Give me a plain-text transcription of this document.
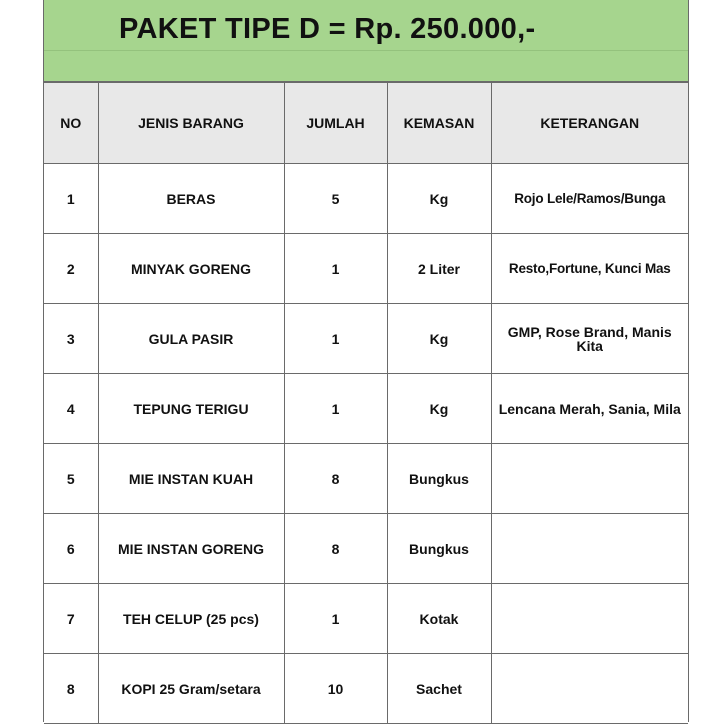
PAKET TIPE D = Rp. 250.000,-
NO	JENIS BARANG	JUMLAH	KEMASAN	KETERANGAN
1	BERAS	5	Kg	Rojo Lele/Ramos/Bunga
2	MINYAK GORENG	1	2 Liter	Resto,Fortune, Kunci Mas
3	GULA PASIR	1	Kg	GMP, Rose Brand, Manis Kita
4	TEPUNG TERIGU	1	Kg	Lencana Merah, Sania, Mila
5	MIE INSTAN KUAH	8	Bungkus	
6	MIE INSTAN GORENG	8	Bungkus	
7	TEH CELUP (25 pcs)	1	Kotak	
8	KOPI 25 Gram/setara	10	Sachet	
